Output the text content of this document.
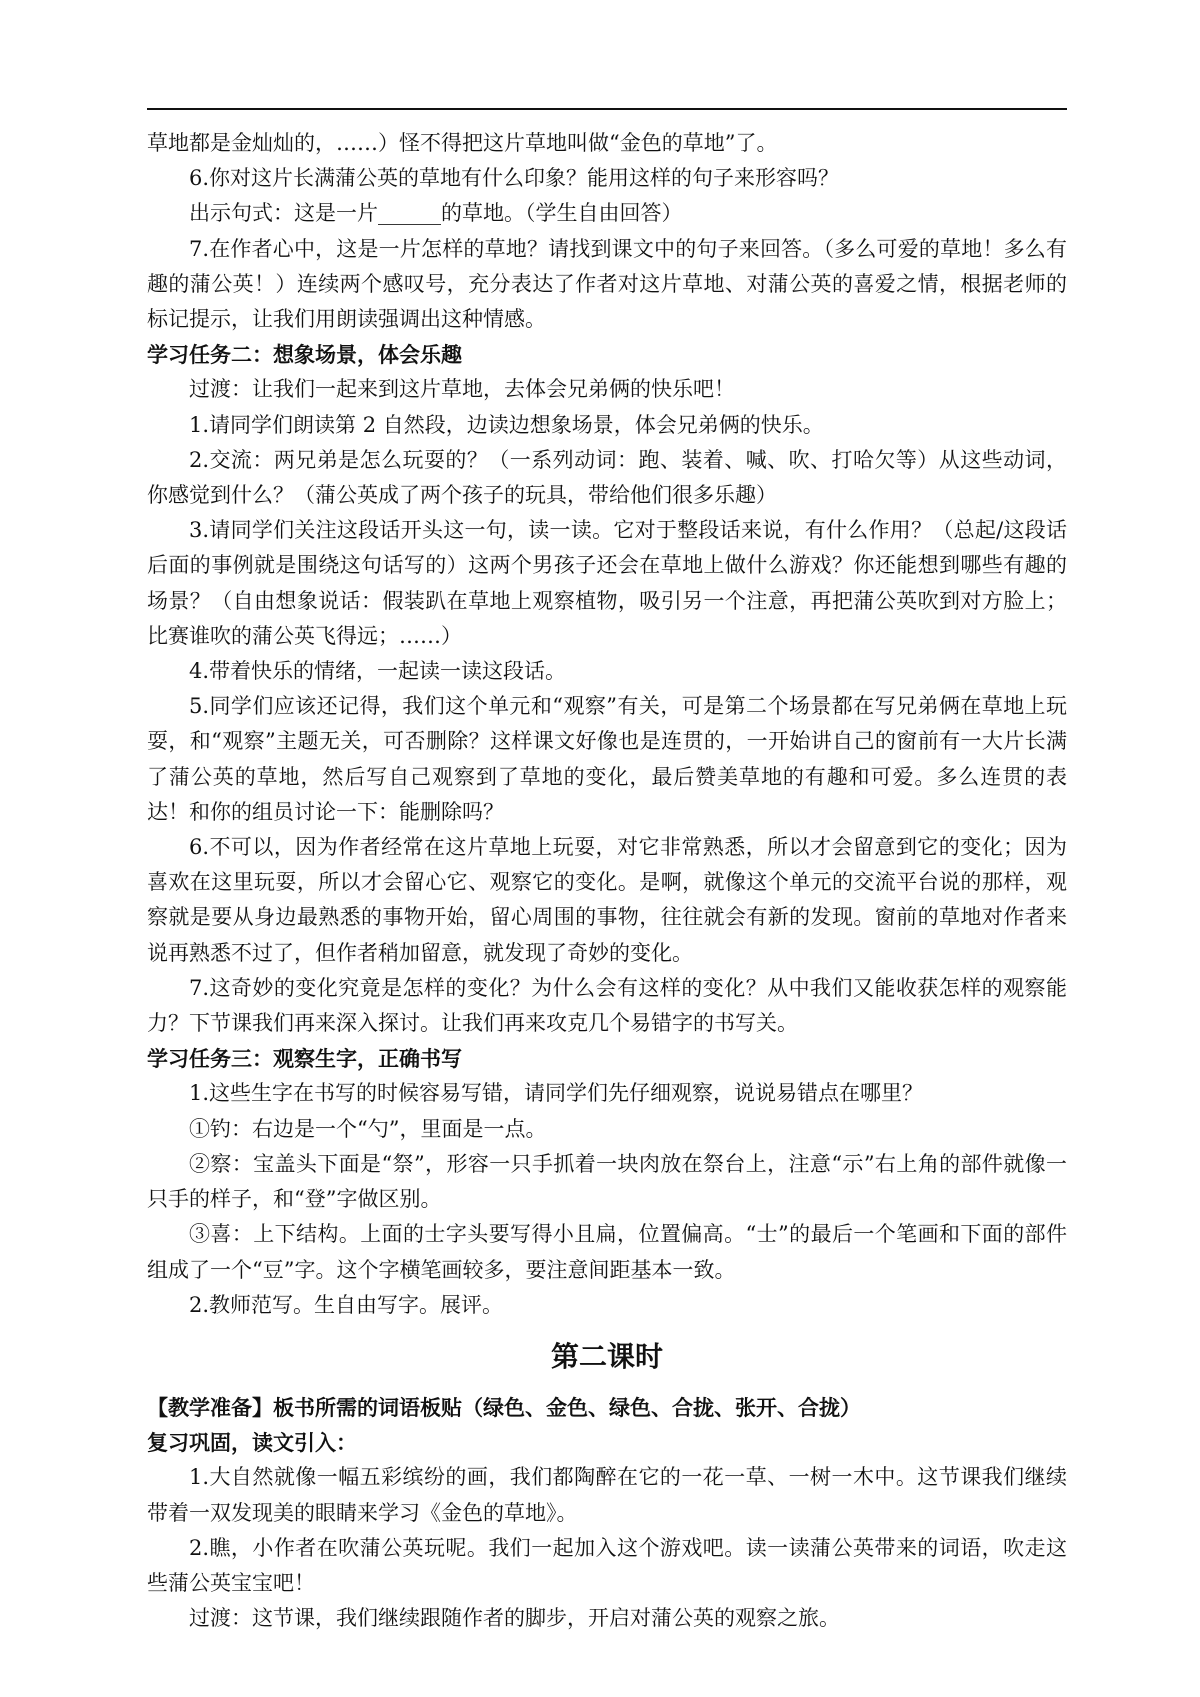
草地都是金灿灿的，……）怪不得把这片草地叫做“金色的草地”了。

6.你对这片长满蒲公英的草地有什么印象？能用这样的句子来形容吗？

出示句式：这是一片______的草地。（学生自由回答）

7.在作者心中，这是一片怎样的草地？请找到课文中的句子来回答。（多么可爱的草地！多么有趣的蒲公英！）连续两个感叹号，充分表达了作者对这片草地、对蒲公英的喜爱之情，根据老师的标记提示，让我们用朗读强调出这种情感。

学习任务二：想象场景，体会乐趣

过渡：让我们一起来到这片草地，去体会兄弟俩的快乐吧！

1.请同学们朗读第 2 自然段，边读边想象场景，体会兄弟俩的快乐。

2.交流：两兄弟是怎么玩耍的？（一系列动词：跑、装着、喊、吹、打哈欠等）从这些动词，你感觉到什么？（蒲公英成了两个孩子的玩具，带给他们很多乐趣）

3.请同学们关注这段话开头这一句，读一读。它对于整段话来说，有什么作用？（总起/这段话后面的事例就是围绕这句话写的）这两个男孩子还会在草地上做什么游戏？你还能想到哪些有趣的场景？（自由想象说话：假装趴在草地上观察植物，吸引另一个注意，再把蒲公英吹到对方脸上；比赛谁吹的蒲公英飞得远；……）

4.带着快乐的情绪，一起读一读这段话。

5.同学们应该还记得，我们这个单元和“观察”有关，可是第二个场景都在写兄弟俩在草地上玩耍，和“观察”主题无关，可否删除？这样课文好像也是连贯的，一开始讲自己的窗前有一大片长满了蒲公英的草地，然后写自己观察到了草地的变化，最后赞美草地的有趣和可爱。多么连贯的表达！和你的组员讨论一下：能删除吗？

6.不可以，因为作者经常在这片草地上玩耍，对它非常熟悉，所以才会留意到它的变化；因为喜欢在这里玩耍，所以才会留心它、观察它的变化。是啊，就像这个单元的交流平台说的那样，观察就是要从身边最熟悉的事物开始，留心周围的事物，往往就会有新的发现。窗前的草地对作者来说再熟悉不过了，但作者稍加留意，就发现了奇妙的变化。

7.这奇妙的变化究竟是怎样的变化？为什么会有这样的变化？从中我们又能收获怎样的观察能力？下节课我们再来深入探讨。让我们再来攻克几个易错字的书写关。

学习任务三：观察生字，正确书写

1.这些生字在书写的时候容易写错，请同学们先仔细观察，说说易错点在哪里？

①钓：右边是一个“勺”，里面是一点。

②察：宝盖头下面是“祭”，形容一只手抓着一块肉放在祭台上，注意“示”右上角的部件就像一只手的样子，和“登”字做区别。

③喜：上下结构。上面的士字头要写得小且扁，位置偏高。“士”的最后一个笔画和下面的部件组成了一个“豆”字。这个字横笔画较多，要注意间距基本一致。

2.教师范写。生自由写字。展评。

第二课时

【教学准备】板书所需的词语板贴（绿色、金色、绿色、合拢、张开、合拢）

复习巩固，读文引入：

1.大自然就像一幅五彩缤纷的画，我们都陶醉在它的一花一草、一树一木中。这节课我们继续带着一双发现美的眼睛来学习《金色的草地》。

2.瞧，小作者在吹蒲公英玩呢。我们一起加入这个游戏吧。读一读蒲公英带来的词语，吹走这些蒲公英宝宝吧！

过渡：这节课，我们继续跟随作者的脚步，开启对蒲公英的观察之旅。
